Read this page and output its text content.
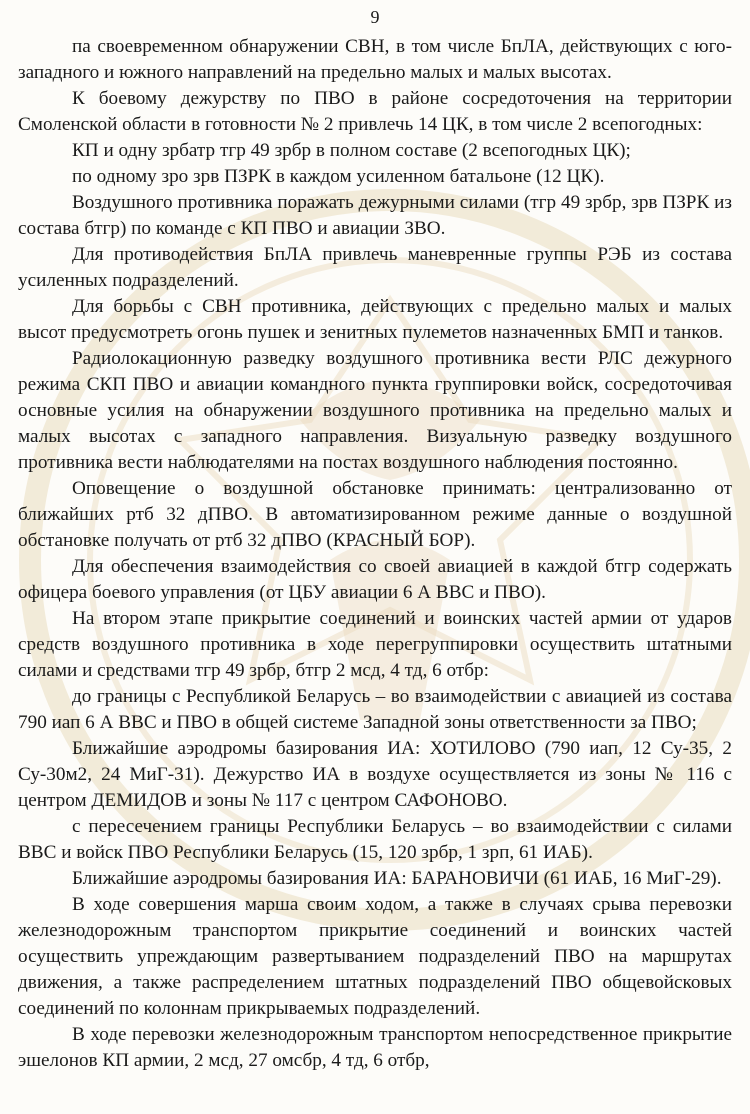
9

па своевременном обнаружении СВН, в том числе БпЛА, действующих с юго-западного и южного направлений на предельно малых и малых высотах.

К боевому дежурству по ПВО в районе сосредоточения на территории Смоленской области в готовности № 2 привлечь 14 ЦК, в том числе 2 всепогодных:

КП и одну зрбатр тгр 49 зрбр в полном составе (2 всепогодных ЦК);

по одному зро зрв ПЗРК в каждом усиленном батальоне (12 ЦК).

Воздушного противника поражать дежурными силами (тгр 49 зрбр, зрв ПЗРК из состава бтгр) по команде с КП ПВО и авиации ЗВО.

Для противодействия БпЛА привлечь маневренные группы РЭБ из состава усиленных подразделений.

Для борьбы с СВН противника, действующих с предельно малых и малых высот предусмотреть огонь пушек и зенитных пулеметов назначенных БМП и танков.

Радиолокационную разведку воздушного противника вести РЛС дежурного режима СКП ПВО и авиации командного пункта группировки войск, сосредоточивая основные усилия на обнаружении воздушного противника на предельно малых и малых высотах с западного направления. Визуальную разведку воздушного противника вести наблюдателями на постах воздушного наблюдения постоянно.

Оповещение о воздушной обстановке принимать: централизованно от ближайших ртб 32 дПВО. В автоматизированном режиме данные о воздушной обстановке получать от ртб 32 дПВО (КРАСНЫЙ БОР).

Для обеспечения взаимодействия со своей авиацией в каждой бтгр содержать офицера боевого управления (от ЦБУ авиации 6 А ВВС и ПВО).

На втором этапе прикрытие соединений и воинских частей армии от ударов средств воздушного противника в ходе перегруппировки осуществить штатными силами и средствами тгр 49 зрбр, бтгр 2 мсд, 4 тд, 6 отбр:

до границы с Республикой Беларусь – во взаимодействии с авиацией из состава 790 иап 6 А ВВС и ПВО в общей системе Западной зоны ответственности за ПВО;

Ближайшие аэродромы базирования ИА: ХОТИЛОВО (790 иап, 12 Су-35, 2 Су-30м2, 24 МиГ-31). Дежурство ИА в воздухе осуществляется из зоны № 116 с центром ДЕМИДОВ и зоны № 117 с центром САФОНОВО.

с пересечением границы Республики Беларусь – во взаимодействии с силами ВВС и войск ПВО Республики Беларусь (15, 120 зрбр, 1 зрп, 61 ИАБ).

Ближайшие аэродромы базирования ИА: БАРАНОВИЧИ (61 ИАБ, 16 МиГ-29).

В ходе совершения марша своим ходом, а также в случаях срыва перевозки железнодорожным транспортом прикрытие соединений и воинских частей осуществить упреждающим развертыванием подразделений ПВО на маршрутах движения, а также распределением штатных подразделений ПВО общевойсковых соединений по колоннам прикрываемых подразделений.

В ходе перевозки железнодорожным транспортом непосредственное прикрытие эшелонов КП армии, 2 мсд, 27 омсбр, 4 тд, 6 отбр,
